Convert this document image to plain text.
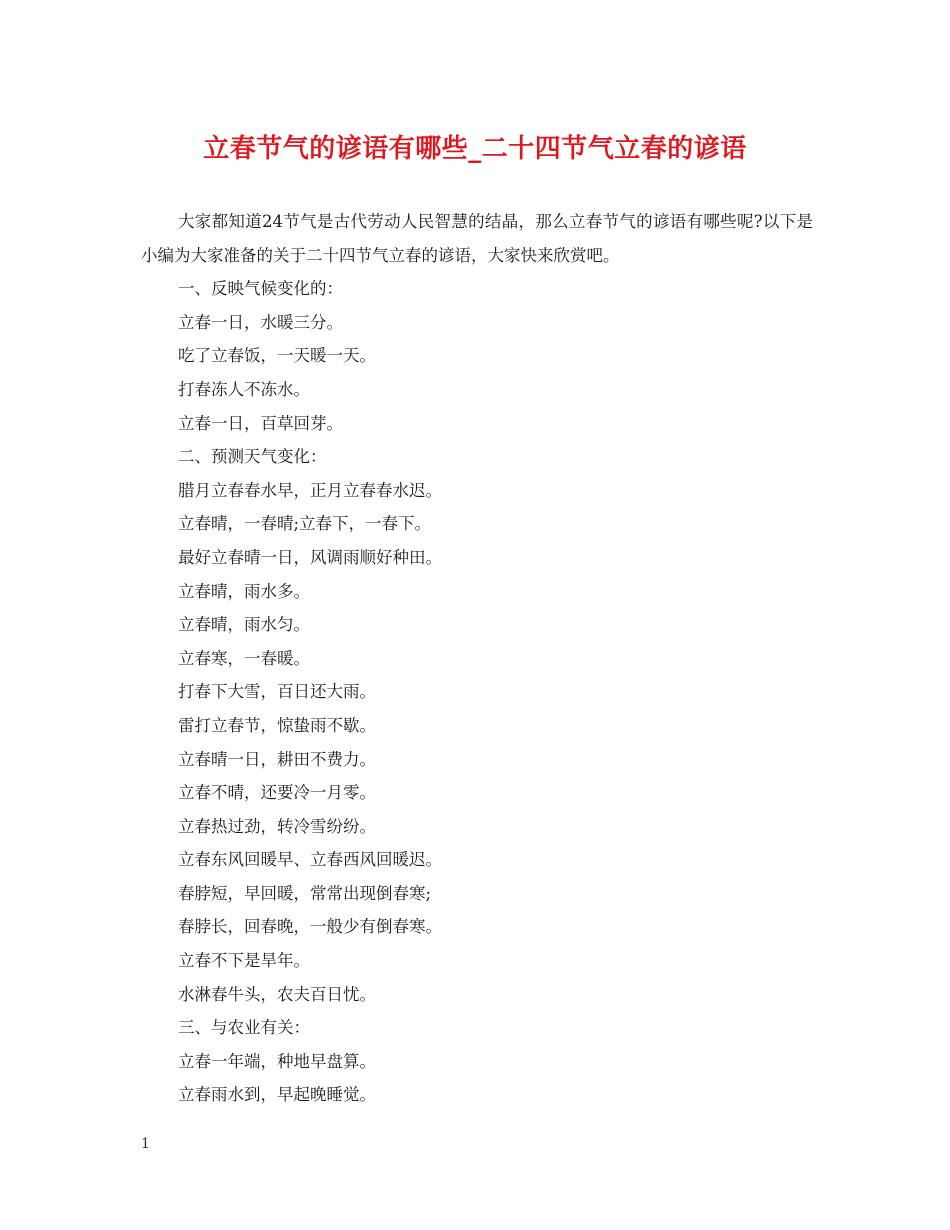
立春节气的谚语有哪些_二十四节气立春的谚语

大家都知道24节气是古代劳动人民智慧的结晶，那么立春节气的谚语有哪些呢?以下是小编为大家准备的关于二十四节气立春的谚语，大家快来欣赏吧。

一、反映气候变化的：

立春一日，水暖三分。

吃了立春饭，一天暖一天。

打春冻人不冻水。

立春一日，百草回芽。

二、预测天气变化：

腊月立春春水早，正月立春春水迟。

立春晴，一春晴;立春下，一春下。

最好立春晴一日，风调雨顺好种田。

立春晴，雨水多。

立春晴，雨水匀。

立春寒，一春暖。

打春下大雪，百日还大雨。

雷打立春节，惊蛰雨不歇。

立春晴一日，耕田不费力。

立春不晴，还要冷一月零。

立春热过劲，转冷雪纷纷。

立春东风回暖早、立春西风回暖迟。

春脖短，早回暖，常常出现倒春寒;

春脖长，回春晚，一般少有倒春寒。

立春不下是旱年。

水淋春牛头，农夫百日忧。

三、与农业有关：

立春一年端，种地早盘算。

立春雨水到，早起晚睡觉。

1
